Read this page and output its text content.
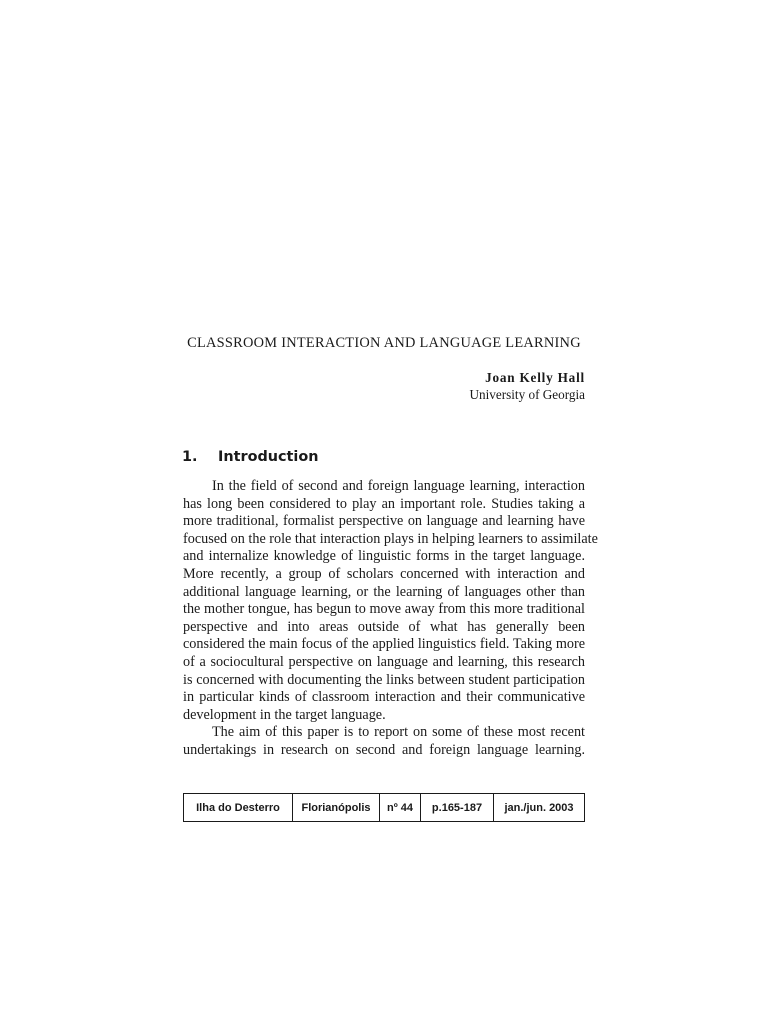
CLASSROOM INTERACTION AND LANGUAGE LEARNING
Joan Kelly Hall
University of Georgia
1. Introduction
In the field of second and foreign language learning, interaction
has long been considered to play an important role. Studies taking a
more traditional, formalist perspective on language and learning have
focused on the role that interaction plays in helping learners to assimilate
and internalize knowledge of linguistic forms in the target language.
More recently, a group of scholars concerned with interaction and
additional language learning, or the learning of languages other than
the mother tongue, has begun to move away from this more traditional
perspective and into areas outside of what has generally been
considered the main focus of the applied linguistics field. Taking more
of a sociocultural perspective on language and learning, this research
is concerned with documenting the links between student participation
in particular kinds of classroom interaction and their communicative
development in the target language.
The aim of this paper is to report on some of these most recent
undertakings in research on second and foreign language learning.
Ilha do Desterro	Florianópolis	nº 44	p.165-187	jan./jun. 2003
